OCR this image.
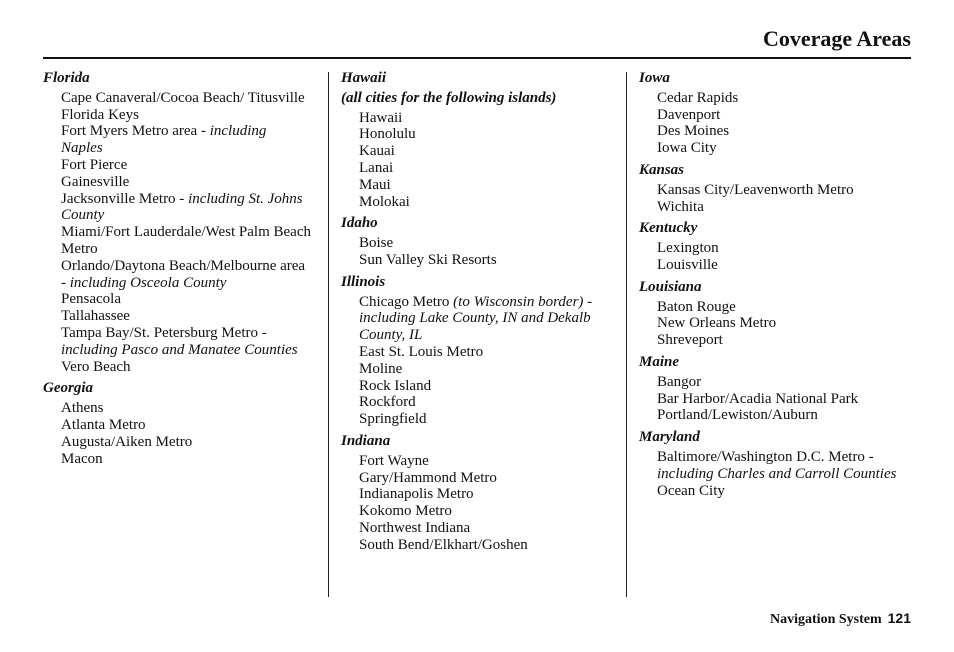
Coverage Areas
Florida
Cape Canaveral/Cocoa Beach/ Titusville
Florida Keys
Fort Myers Metro area - including Naples
Fort Pierce
Gainesville
Jacksonville Metro - including St. Johns County
Miami/Fort Lauderdale/West Palm Beach Metro
Orlando/Daytona Beach/Melbourne area - including Osceola County
Pensacola
Tallahassee
Tampa Bay/St. Petersburg Metro - including Pasco and Manatee Counties
Vero Beach
Georgia
Athens
Atlanta Metro
Augusta/Aiken Metro
Macon
Hawaii
(all cities for the following islands)
Hawaii
Honolulu
Kauai
Lanai
Maui
Molokai
Idaho
Boise
Sun Valley Ski Resorts
Illinois
Chicago Metro (to Wisconsin border) - including Lake County, IN and Dekalb County, IL
East St. Louis Metro
Moline
Rock Island
Rockford
Springfield
Indiana
Fort Wayne
Gary/Hammond Metro
Indianapolis Metro
Kokomo Metro
Northwest Indiana
South Bend/Elkhart/Goshen
Iowa
Cedar Rapids
Davenport
Des Moines
Iowa City
Kansas
Kansas City/Leavenworth Metro
Wichita
Kentucky
Lexington
Louisville
Louisiana
Baton Rouge
New Orleans Metro
Shreveport
Maine
Bangor
Bar Harbor/Acadia National Park
Portland/Lewiston/Auburn
Maryland
Baltimore/Washington D.C. Metro - including Charles and Carroll Counties
Ocean City
Navigation System 121
